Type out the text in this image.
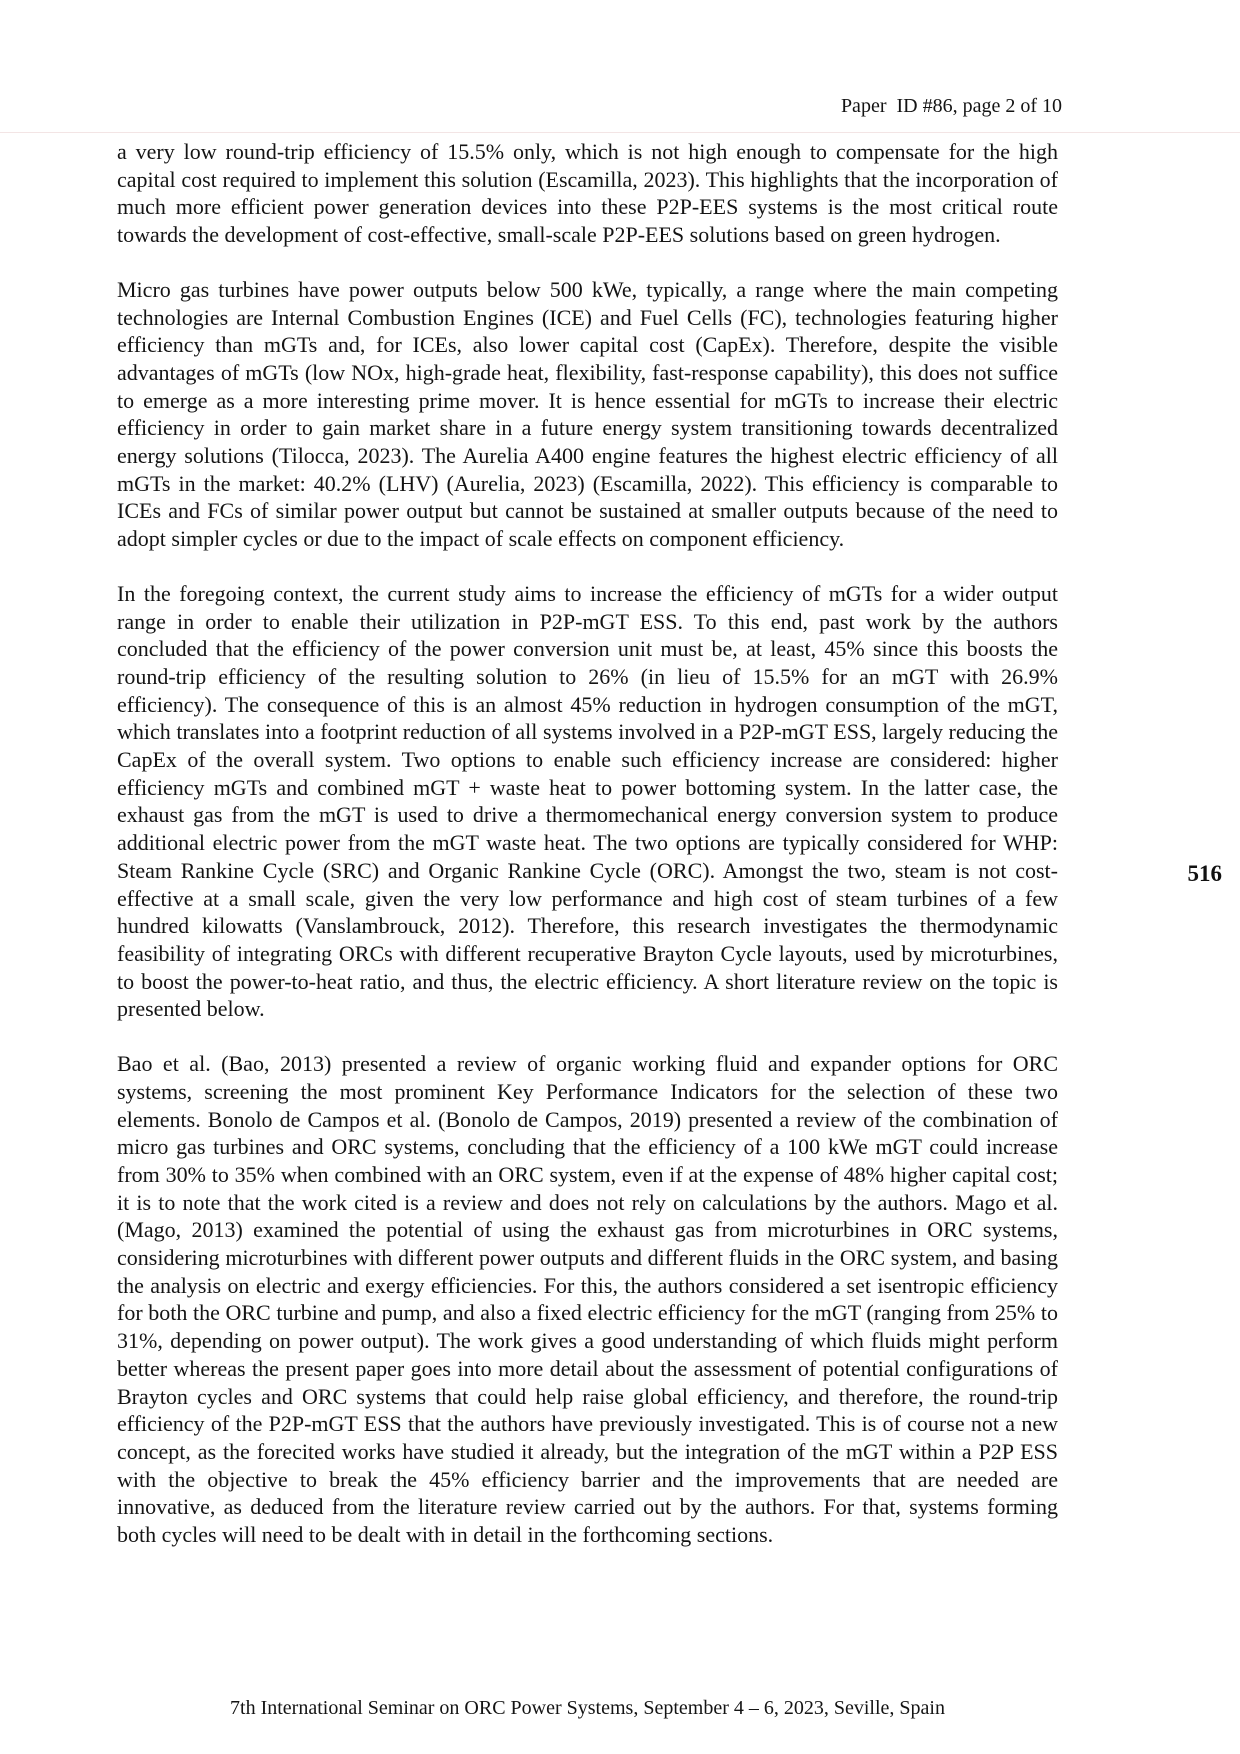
Paper  ID #86, page 2 of 10

a very low round-trip efficiency of 15.5% only, which is not high enough to compensate for the high capital cost required to implement this solution (Escamilla, 2023). This highlights that the incorporation of much more efficient power generation devices into these P2P-EES systems is the most critical route towards the development of cost-effective, small-scale P2P-EES solutions based on green hydrogen.

Micro gas turbines have power outputs below 500 kWe, typically, a range where the main competing technologies are Internal Combustion Engines (ICE) and Fuel Cells (FC), technologies featuring higher efficiency than mGTs and, for ICEs, also lower capital cost (CapEx). Therefore, despite the visible advantages of mGTs (low NOx, high-grade heat, flexibility, fast-response capability), this does not suffice to emerge as a more interesting prime mover. It is hence essential for mGTs to increase their electric efficiency in order to gain market share in a future energy system transitioning towards decentralized energy solutions (Tilocca, 2023). The Aurelia A400 engine features the highest electric efficiency of all mGTs in the market: 40.2% (LHV) (Aurelia, 2023) (Escamilla, 2022). This efficiency is comparable to ICEs and FCs of similar power output but cannot be sustained at smaller outputs because of the need to adopt simpler cycles or due to the impact of scale effects on component efficiency.

In the foregoing context, the current study aims to increase the efficiency of mGTs for a wider output range in order to enable their utilization in P2P-mGT ESS. To this end, past work by the authors concluded that the efficiency of the power conversion unit must be, at least, 45% since this boosts the round-trip efficiency of the resulting solution to 26% (in lieu of 15.5% for an mGT with 26.9% efficiency). The consequence of this is an almost 45% reduction in hydrogen consumption of the mGT, which translates into a footprint reduction of all systems involved in a P2P-mGT ESS, largely reducing the CapEx of the overall system. Two options to enable such efficiency increase are considered: higher efficiency mGTs and combined mGT + waste heat to power bottoming system. In the latter case, the exhaust gas from the mGT is used to drive a thermomechanical energy conversion system to produce additional electric power from the mGT waste heat. The two options are typically considered for WHP: Steam Rankine Cycle (SRC) and Organic Rankine Cycle (ORC). Amongst the two, steam is not cost-effective at a small scale, given the very low performance and high cost of steam turbines of a few hundred kilowatts (Vanslambrouck, 2012). Therefore, this research investigates the thermodynamic feasibility of integrating ORCs with different recuperative Brayton Cycle layouts, used by microturbines, to boost the power-to-heat ratio, and thus, the electric efficiency. A short literature review on the topic is presented below.

Bao et al. (Bao, 2013) presented a review of organic working fluid and expander options for ORC systems, screening the most prominent Key Performance Indicators for the selection of these two elements. Bonolo de Campos et al. (Bonolo de Campos, 2019) presented a review of the combination of micro gas turbines and ORC systems, concluding that the efficiency of a 100 kWe mGT could increase from 30% to 35% when combined with an ORC system, even if at the expense of 48% higher capital cost; it is to note that the work cited is a review and does not rely on calculations by the authors. Mago et al. (Mago, 2013) examined the potential of using the exhaust gas from microturbines in ORC systems, considering microturbines with different power outputs and different fluids in the ORC system, and basing the analysis on electric and exergy efficiencies. For this, the authors considered a set isentropic efficiency for both the ORC turbine and pump, and also a fixed electric efficiency for the mGT (ranging from 25% to 31%, depending on power output). The work gives a good understanding of which fluids might perform better whereas the present paper goes into more detail about the assessment of potential configurations of Brayton cycles and ORC systems that could help raise global efficiency, and therefore, the round-trip efficiency of the P2P-mGT ESS that the authors have previously investigated. This is of course not a new concept, as the forecited works have studied it already, but the integration of the mGT within a P2P ESS with the objective to break the 45% efficiency barrier and the improvements that are needed are innovative, as deduced from the literature review carried out by the authors. For that, systems forming both cycles will need to be dealt with in detail in the forthcoming sections.

516
7th International Seminar on ORC Power Systems, September 4 – 6, 2023, Seville, Spain
